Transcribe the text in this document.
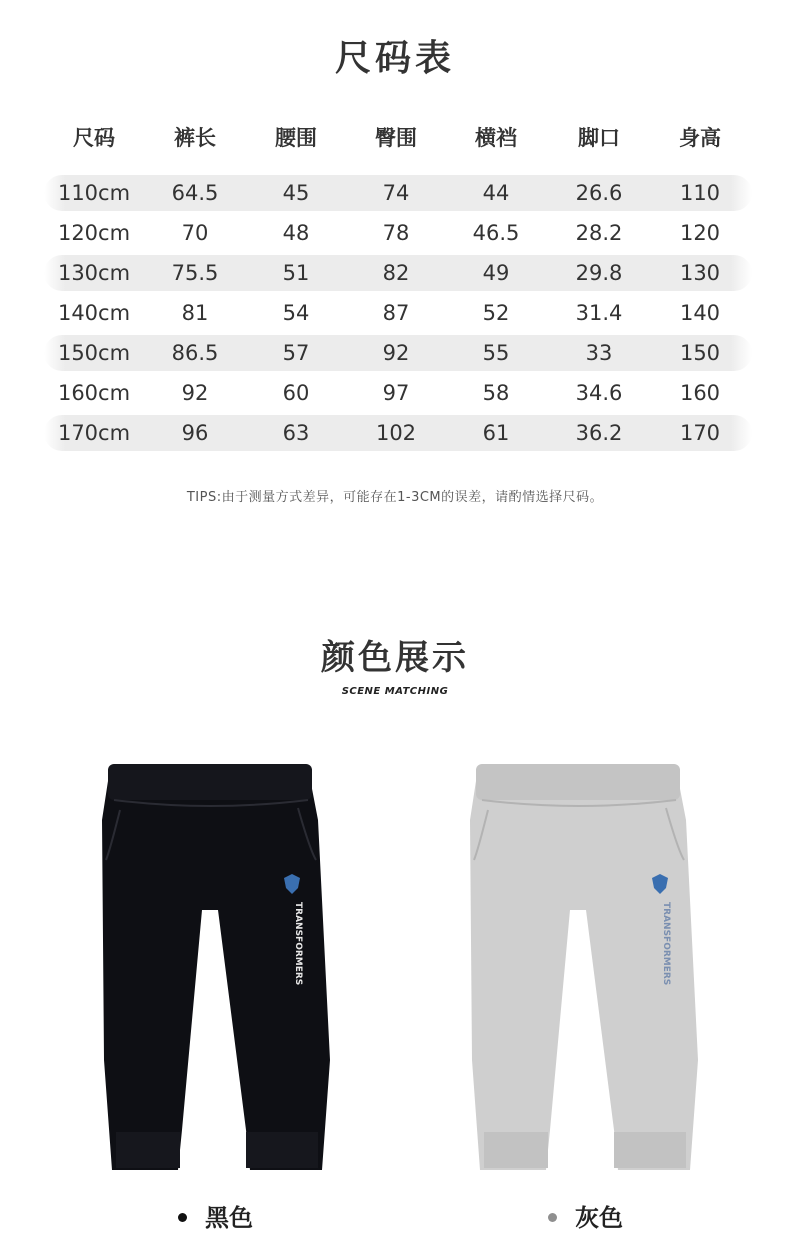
尺码表
尺码	裤长	腰围	臀围	横裆	脚口	身高
110cm	64.5	45	74	44	26.6	110
120cm	70	48	78	46.5	28.2	120
130cm	75.5	51	82	49	29.8	130
140cm	81	54	87	52	31.4	140
150cm	86.5	57	92	55	33	150
160cm	92	60	97	58	34.6	160
170cm	96	63	102	61	36.2	170
TIPS:由于测量方式差异，可能存在1-3CM的误差，请酌情选择尺码。
颜色展示
SCENE MATCHING
TRANSFORMERS	TRANSFORMERS
黑色	灰色
